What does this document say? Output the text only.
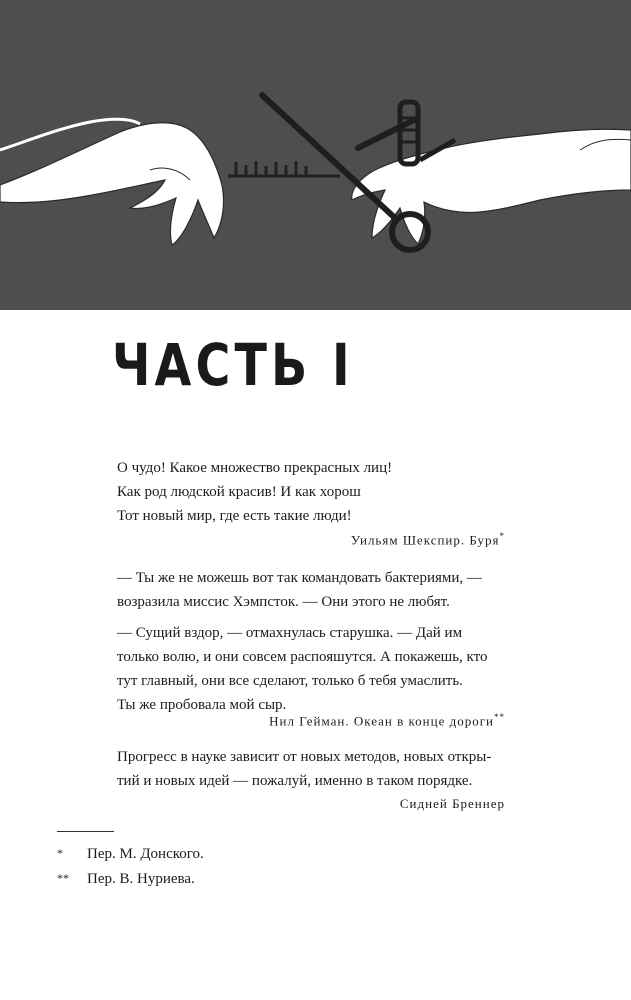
ЧАСТЬ I
О чудо! Какое множество прекрасных лиц!
Как род людской красив! И как хорош
Тот новый мир, где есть такие люди!
Уильям Шекспир. Буря*
— Ты же не можешь вот так командовать бактериями, —
возразила миссис Хэмпсток. — Они этого не любят.
— Сущий вздор, — отмахнулась старушка. — Дай им
только волю, и они совсем распояшутся. А покажешь, кто
тут главный, они все сделают, только б тебя умаслить.
Ты же пробовала мой сыр.
Нил Гейман. Океан в конце дороги**
Прогресс в науке зависит от новых методов, новых откры-
тий и новых идей — пожалуй, именно в таком порядке.
Сидней Бреннер
* Пер. М. Донского.
** Пер. В. Нуриева.
